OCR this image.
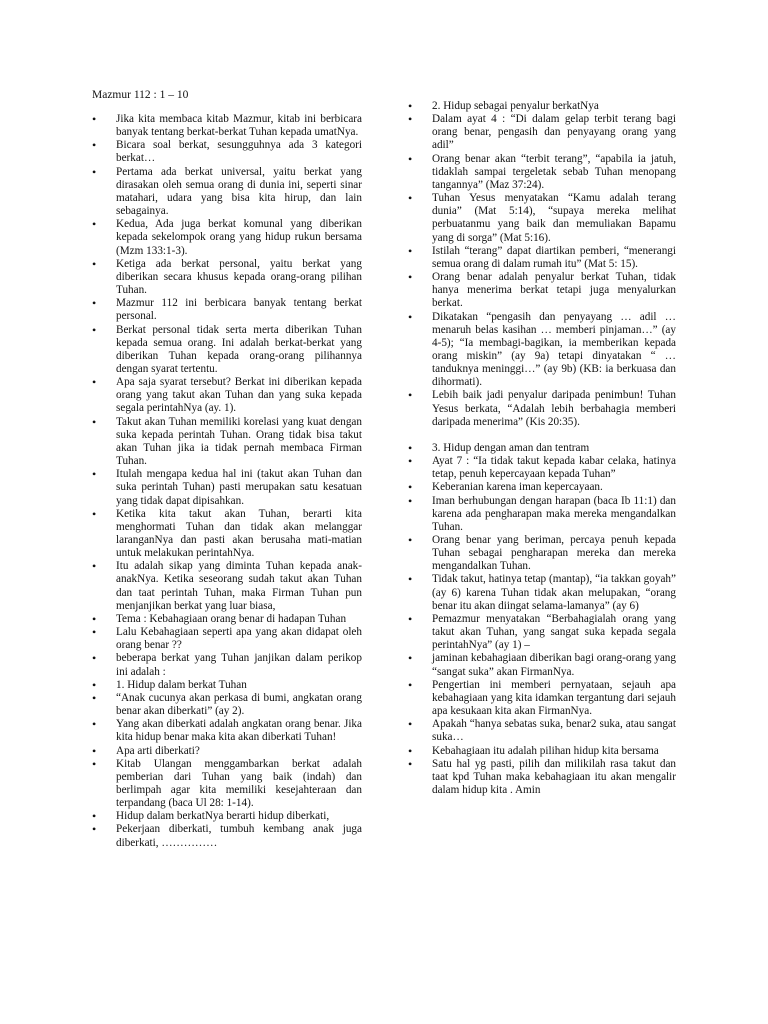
Mazmur 112 : 1 – 10
• Jika kita membaca kitab Mazmur, kitab ini berbicara banyak tentang berkat-berkat Tuhan kepada umatNya.
• Bicara soal berkat, sesungguhnya ada 3 kategori berkat…
• Pertama ada berkat universal, yaitu berkat yang dirasakan oleh semua orang di dunia ini, seperti sinar matahari, udara yang bisa kita hirup, dan lain sebagainya.
• Kedua, Ada juga berkat komunal yang diberikan kepada sekelompok orang yang hidup rukun bersama (Mzm 133:1-3).
• Ketiga ada berkat personal, yaitu berkat yang diberikan secara khusus kepada orang-orang pilihan Tuhan.
• Mazmur 112 ini berbicara banyak tentang berkat personal.
• Berkat personal tidak serta merta diberikan Tuhan kepada semua orang. Ini adalah berkat-berkat yang diberikan Tuhan kepada orang-orang pilihannya dengan syarat tertentu.
• Apa saja syarat tersebut? Berkat ini diberikan kepada orang yang takut akan Tuhan dan yang suka kepada segala perintahNya (ay. 1).
• Takut akan Tuhan memiliki korelasi yang kuat dengan suka kepada perintah Tuhan. Orang tidak bisa takut akan Tuhan jika ia tidak pernah membaca Firman Tuhan.
• Itulah mengapa kedua hal ini (takut akan Tuhan dan suka perintah Tuhan) pasti merupakan satu kesatuan yang tidak dapat dipisahkan.
• Ketika kita takut akan Tuhan, berarti kita menghormati Tuhan dan tidak akan melanggar laranganNya dan pasti akan berusaha mati-matian untuk melakukan perintahNya.
• Itu adalah sikap yang diminta Tuhan kepada anak-anakNya. Ketika seseorang sudah takut akan Tuhan dan taat perintah Tuhan, maka Firman Tuhan pun menjanjikan berkat yang luar biasa,
• Tema : Kebahagiaan orang benar di hadapan Tuhan
• Lalu Kebahagiaan seperti apa yang akan didapat oleh orang benar ??
• beberapa berkat yang Tuhan janjikan dalam perikop ini adalah :
• 1. Hidup dalam berkat Tuhan
• “Anak cucunya akan perkasa di bumi, angkatan orang benar akan diberkati” (ay 2).
• Yang akan diberkati adalah angkatan orang benar. Jika kita hidup benar maka kita akan diberkati Tuhan!
• Apa arti diberkati?
• Kitab Ulangan menggambarkan berkat adalah pemberian dari Tuhan yang baik (indah) dan berlimpah agar kita memiliki kesejahteraan dan terpandang (baca Ul 28: 1-14).
• Hidup dalam berkatNya berarti hidup diberkati,
• Pekerjaan diberkati, tumbuh kembang anak juga diberkati, ……………
• 2. Hidup sebagai penyalur berkatNya
• Dalam ayat 4 : “Di dalam gelap terbit terang bagi orang benar, pengasih dan penyayang orang yang adil”
• Orang benar akan “terbit terang”, “apabila ia jatuh, tidaklah sampai tergeletak sebab Tuhan menopang tangannya” (Maz 37:24).
• Tuhan Yesus menyatakan “Kamu adalah terang dunia” (Mat 5:14), “supaya mereka melihat perbuatanmu yang baik dan memuliakan Bapamu yang di sorga” (Mat 5:16).
• Istilah “terang” dapat diartikan pemberi, “menerangi semua orang di dalam rumah itu” (Mat 5: 15).
• Orang benar adalah penyalur berkat Tuhan, tidak hanya menerima berkat tetapi juga menyalurkan berkat.
• Dikatakan “pengasih dan penyayang … adil … menaruh belas kasihan … memberi pinjaman…” (ay 4-5); “Ia membagi-bagikan, ia memberikan kepada orang miskin” (ay 9a) tetapi dinyatakan “ … tanduknya meninggi…” (ay 9b) (KB: ia berkuasa dan dihormati).
• Lebih baik jadi penyalur daripada penimbun! Tuhan Yesus berkata, “Adalah lebih berbahagia memberi daripada menerima” (Kis 20:35).
• 3. Hidup dengan aman dan tentram
• Ayat 7 : “Ia tidak takut kepada kabar celaka, hatinya tetap, penuh kepercayaan kepada Tuhan”
• Keberanian karena iman kepercayaan.
• Iman berhubungan dengan harapan (baca Ib 11:1) dan karena ada pengharapan maka mereka mengandalkan Tuhan.
• Orang benar yang beriman, percaya penuh kepada Tuhan sebagai pengharapan mereka dan mereka mengandalkan Tuhan.
• Tidak takut, hatinya tetap (mantap), “ia takkan goyah” (ay 6) karena Tuhan tidak akan melupakan, “orang benar itu akan diingat selama-lamanya” (ay 6)
• Pemazmur menyatakan “Berbahagialah orang yang takut akan Tuhan, yang sangat suka kepada segala perintahNya” (ay 1) –
• jaminan kebahagiaan diberikan bagi orang-orang yang “sangat suka” akan FirmanNya.
• Pengertian ini memberi pernyataan, sejauh apa kebahagiaan yang kita idamkan tergantung dari sejauh apa kesukaan kita akan FirmanNya.
• Apakah “hanya sebatas suka, benar2 suka, atau sangat suka…
• Kebahagiaan itu adalah pilihan hidup kita bersama
• Satu hal yg pasti, pilih dan milikilah rasa takut dan taat kpd Tuhan maka kebahagiaan itu akan mengalir dalam hidup kita . Amin
